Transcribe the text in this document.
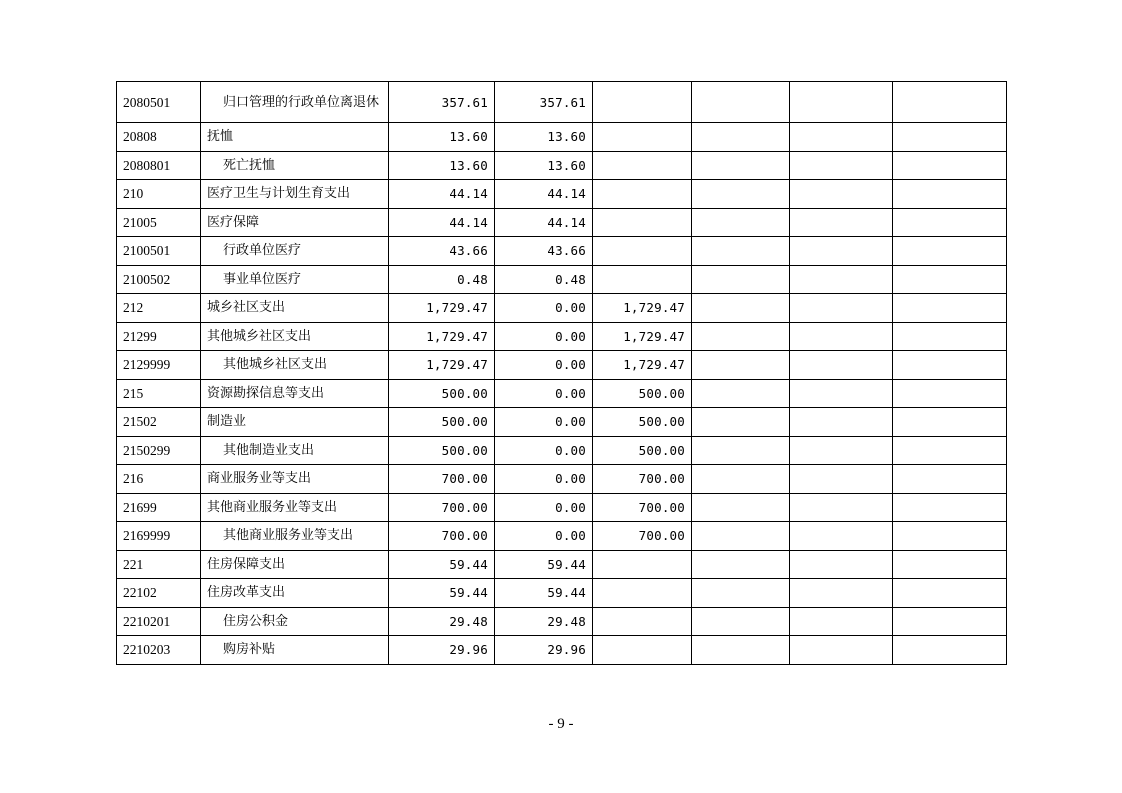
2080501	归口管理的行政单位离退休	357.61	357.61				
20808	抚恤	13.60	13.60				
2080801	死亡抚恤	13.60	13.60				
210	医疗卫生与计划生育支出	44.14	44.14				
21005	医疗保障	44.14	44.14				
2100501	行政单位医疗	43.66	43.66				
2100502	事业单位医疗	0.48	0.48				
212	城乡社区支出	1,729.47	0.00	1,729.47			
21299	其他城乡社区支出	1,729.47	0.00	1,729.47			
2129999	其他城乡社区支出	1,729.47	0.00	1,729.47			
215	资源勘探信息等支出	500.00	0.00	500.00			
21502	制造业	500.00	0.00	500.00			
2150299	其他制造业支出	500.00	0.00	500.00			
216	商业服务业等支出	700.00	0.00	700.00			
21699	其他商业服务业等支出	700.00	0.00	700.00			
2169999	其他商业服务业等支出	700.00	0.00	700.00			
221	住房保障支出	59.44	59.44				
22102	住房改革支出	59.44	59.44				
2210201	住房公积金	29.48	29.48				
2210203	购房补贴	29.96	29.96				
- 9 -
